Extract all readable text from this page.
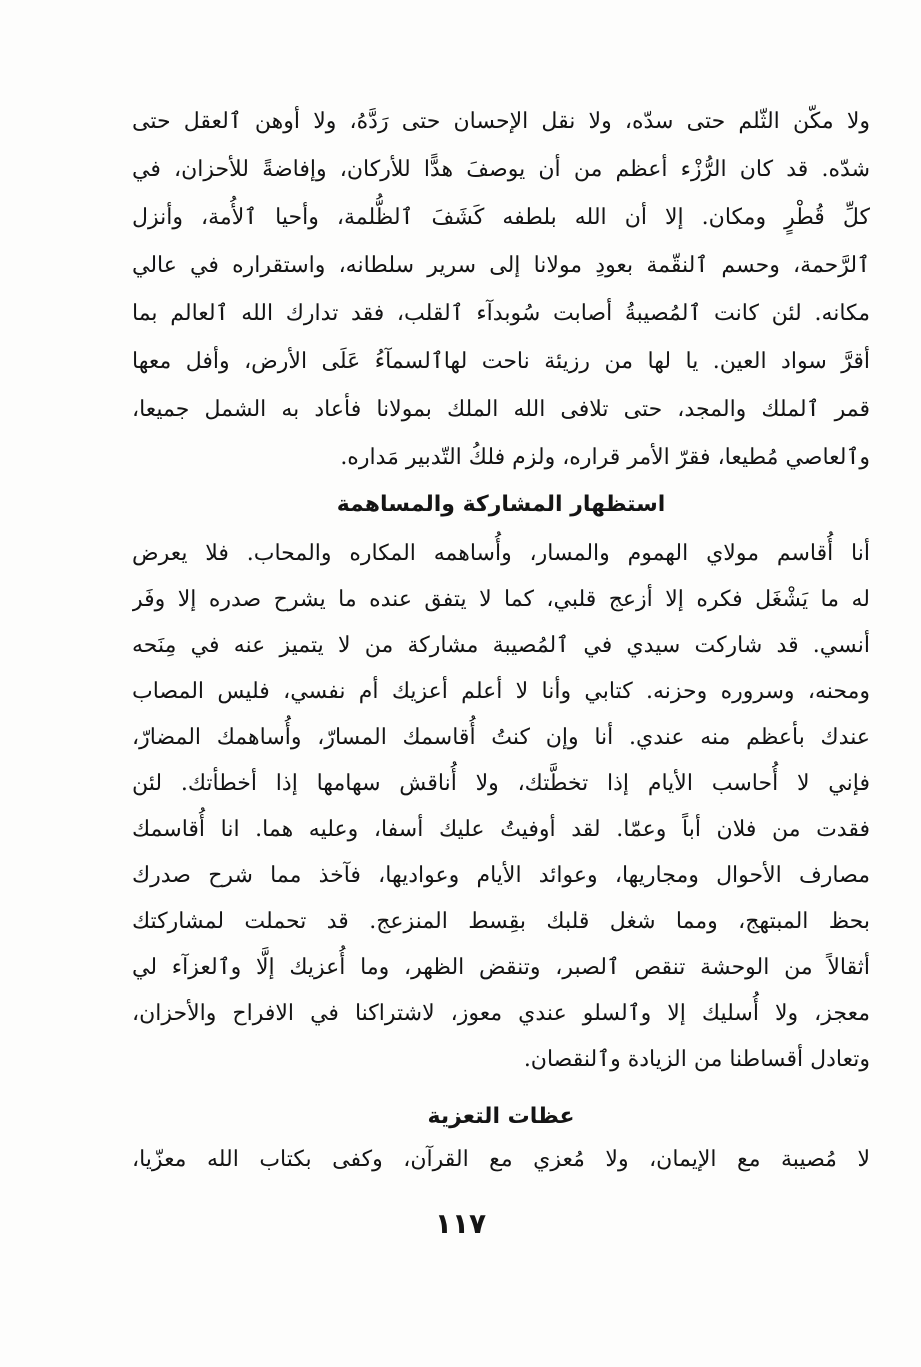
ولا مكّن الثّلم حتى سدّه، ولا نقل الإحسان حتى رَدَّهُ، ولا أوهن ٱلعقل حتى
شدّه. قد كان الرُّزْء أعظم من أن يوصفَ هدًّا للأركان، وإفاضةً للأحزان، في
كلِّ قُطْرٍ ومكان. إلا أن الله بلطفه كَشَفَ ٱلظُّلمة، وأحيا ٱلأُمة، وأنزل
ٱلرَّحمة، وحسم ٱلنقّمة بعودِ مولانا إلى سرير سلطانه، واستقراره في عالي
مكانه. لئن كانت ٱلمُصيبةُ أصابت سُوبدآء ٱلقلب، فقد تدارك الله ٱلعالم بما
أقرَّ سواد العين. يا لها من رزيئة ناحت لهاٱلسمآءُ عَلَى الأرض، وأفل معها
قمر ٱلملك والمجد، حتى تلافى الله الملك بمولانا فأعاد به الشمل جميعا،
وٱلعاصي مُطيعا، فقرّ الأمر قراره، ولزم فلكُ التّدبير مَداره.
استظهار المشاركة والمساهمة
أنا أُقاسم مولاي الهموم والمسار، وأُساهمه المكاره والمحاب. فلا يعرض
له ما يَشْغَل فكره إلا أزعج قلبي، كما لا يتفق عنده ما يشرح صدره إلا وفَر
أنسي. قد شاركت سيدي في ٱلمُصيبة مشاركة من لا يتميز عنه في مِنَحه
ومحنه، وسروره وحزنه. كتابي وأنا لا أعلم أعزيك أم نفسي، فليس المصاب
عندك بأعظم منه عندي. أنا وإن كنتُ أُقاسمك المسارّ، وأُساهمك المضارّ،
فإني لا أُحاسب الأيام إذا تخطَّتك، ولا أُناقش سهامها إذا أخطأتك. لئن
فقدت من فلان أباً وعمّا. لقد أوفيتُ عليك أسفا، وعليه هما. انا أُقاسمك
مصارف الأحوال ومجاريها، وعوائد الأيام وعواديها، فآخذ مما شرح صدرك
بحظ المبتهج، ومما شغل قلبك بقِسط المنزعج. قد تحملت لمشاركتك
أثقالاً من الوحشة تنقص ٱلصبر، وتنقض الظهر، وما أُعزيك إلَّا وٱلعزآء لي
معجز، ولا أُسليك إلا وٱلسلو عندي معوز، لاشتراكنا في الافراح والأحزان،
وتعادل أقساطنا من الزيادة وٱلنقصان.
عظات التعزية
لا مُصيبة مع الإيمان، ولا مُعزي مع القرآن، وكفى بكتاب الله معزّيا،
١١٧
